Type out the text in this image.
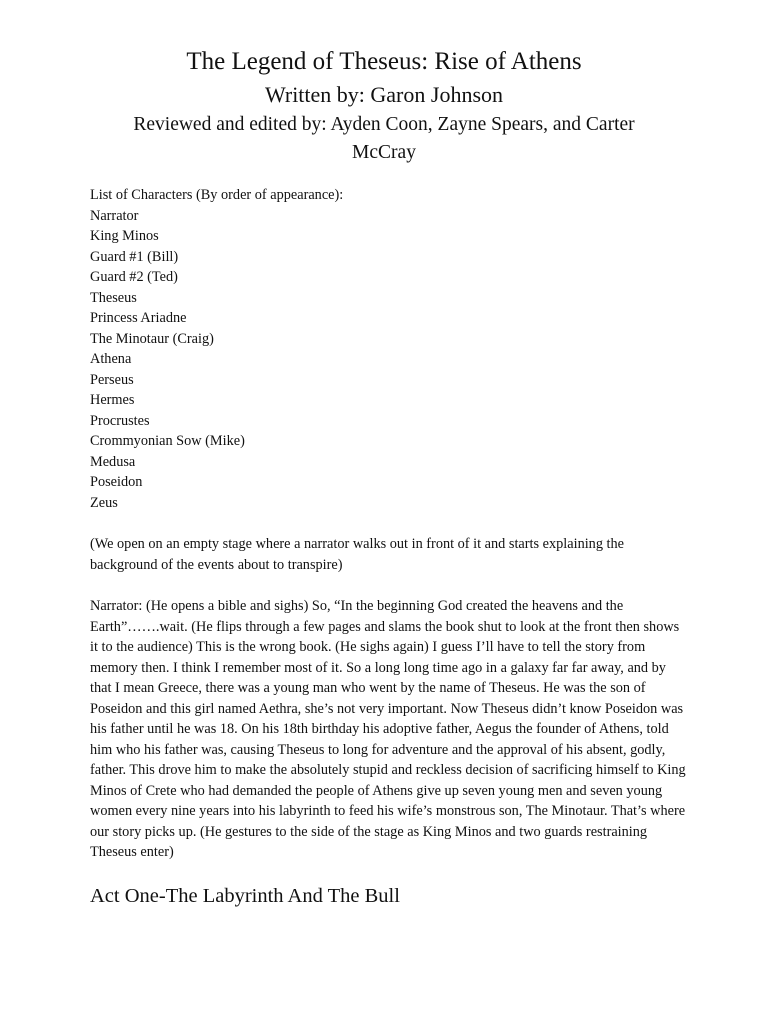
The Legend of Theseus: Rise of Athens
Written by: Garon Johnson
Reviewed and edited by: Ayden Coon, Zayne Spears, and Carter McCray
List of Characters (By order of appearance):
Narrator
King Minos
Guard #1 (Bill)
Guard #2 (Ted)
Theseus
Princess Ariadne
The Minotaur (Craig)
Athena
Perseus
Hermes
Procrustes
Crommyonian Sow (Mike)
Medusa
Poseidon
Zeus

(We open on an empty stage where a narrator walks out in front of it and starts explaining the background of the events about to transpire)

Narrator: (He opens a bible and sighs) So, “In the beginning God created the heavens and the Earth”…….wait. (He flips through a few pages and slams the book shut to look at the front then shows it to the audience) This is the wrong book. (He sighs again) I guess I’ll have to tell the story from memory then. I think I remember most of it. So a long long time ago in a galaxy far far away, and by that I mean Greece, there was a young man who went by the name of Theseus. He was the son of Poseidon and this girl named Aethra, she’s not very important. Now Theseus didn’t know Poseidon was his father until he was 18. On his 18th birthday his adoptive father, Aegus the founder of Athens, told him who his father was, causing Theseus to long for adventure and the approval of his absent, godly, father. This drove him to make the absolutely stupid and reckless decision of sacrificing himself to King Minos of Crete who had demanded the people of Athens give up seven young men and seven young women every nine years into his labyrinth to feed his wife’s monstrous son, The Minotaur. That’s where our story picks up. (He gestures to the side of the stage as King Minos and two guards restraining Theseus enter)

Act One-The Labyrinth And The Bull
